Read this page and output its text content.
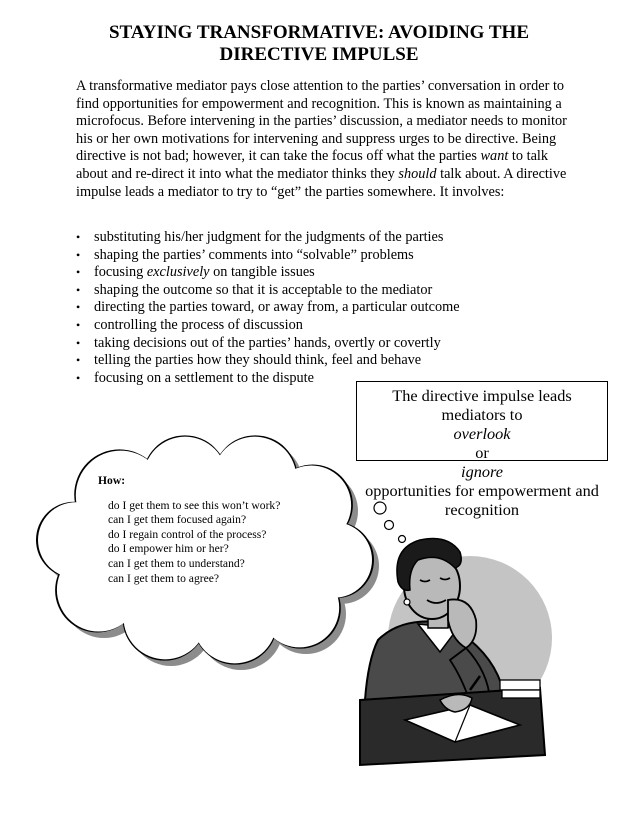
STAYING TRANSFORMATIVE: AVOIDING THE
DIRECTIVE IMPULSE

A transformative mediator pays close attention to the parties’ conversation in order to find opportunities for empowerment and recognition. This is known as maintaining a microfocus. Before intervening in the parties’ discussion, a mediator needs to monitor his or her own motivations for intervening and suppress urges to be directive. Being directive is not bad; however, it can take the focus off what the parties want to talk about and re-direct it into what the mediator thinks they should talk about. A directive impulse leads a mediator to try to “get” the parties somewhere. It involves:

• substituting his/her judgment for the judgments of the parties
• shaping the parties’ comments into “solvable” problems
• focusing exclusively on tangible issues
• shaping the outcome so that it is acceptable to the mediator
• directing the parties toward, or away from, a particular outcome
• controlling the process of discussion
• taking decisions out of the parties’ hands, overtly or covertly
• telling the parties how they should think, feel and behave
• focusing on a settlement to the dispute
The directive impulse leads
mediators to
overlook
or
ignore
opportunities for empowerment and
recognition
How:
do I get them to see this won’t work?
can I get them focused again?
do I regain control of the process?
do I empower him or her?
can I get them to understand?
can I get them to agree?
